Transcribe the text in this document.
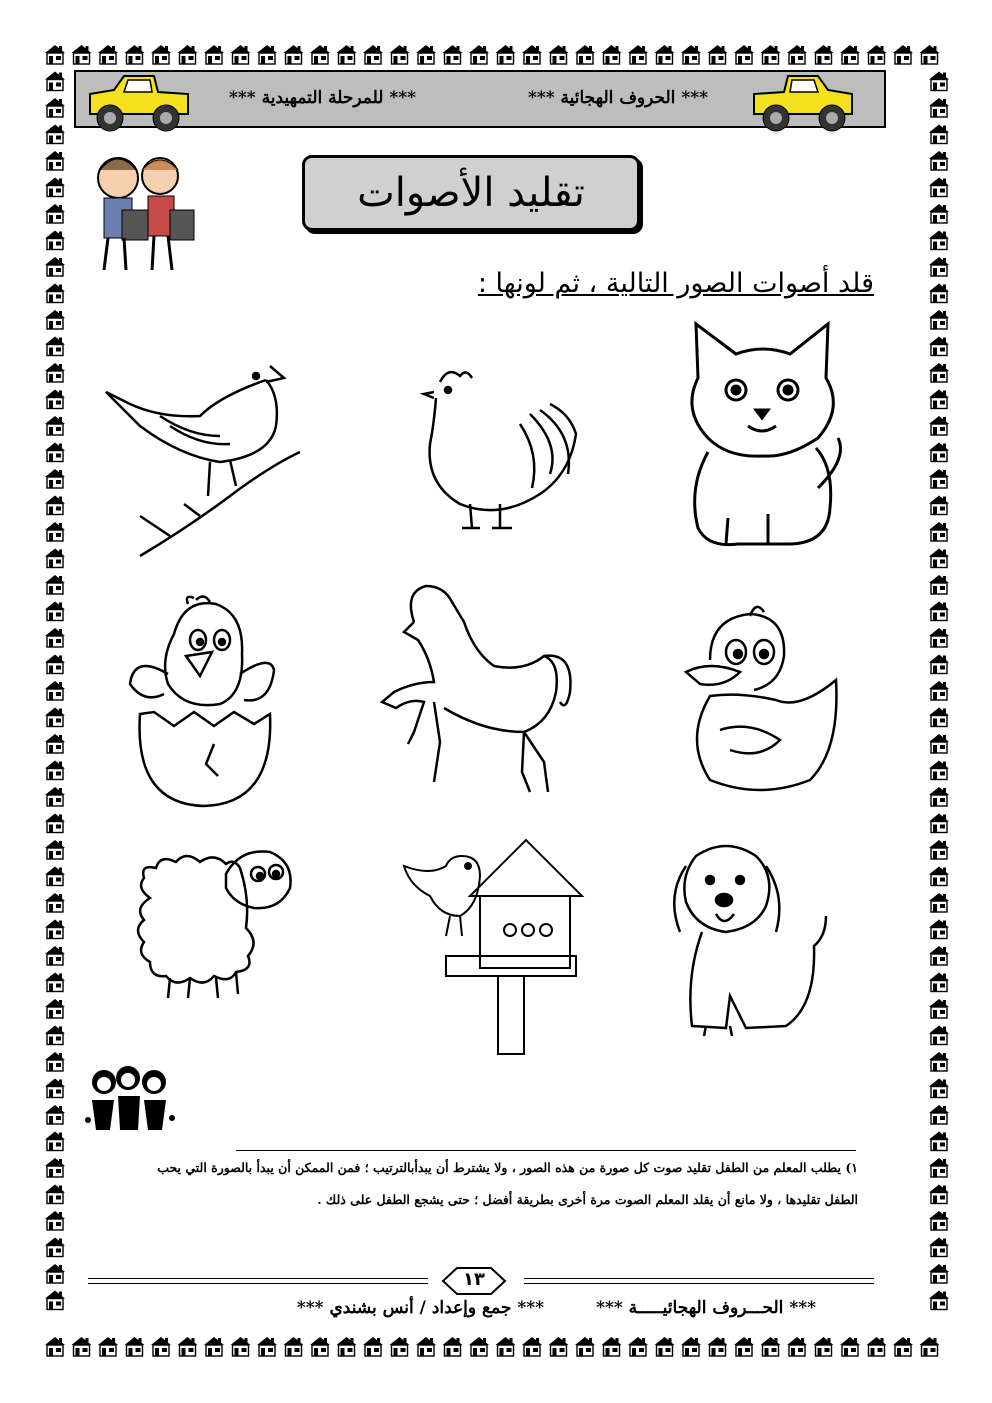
*** الحروف الهجائية ***
*** للمرحلة التمهيدية ***
تقليد الأصوات
قلد أصوات الصور التالية ، ثم لونها :
١) يطلب المعلم من الطفل تقليد صوت كل صورة من هذه الصور ، ولا يشترط أن يبدأبالترتيب ؛ فمن الممكن أن يبدأ بالصورة التي يحب
الطفل تقليدها ، ولا مانع أن يقلد المعلم الصوت مرة أخرى بطريقة أفضل ؛ حتى يشجع الطفل على ذلك .
١٣
*** الحـــروف الهجائيـــــة ***
*** جمع وإعداد / أنس بشندي ***
